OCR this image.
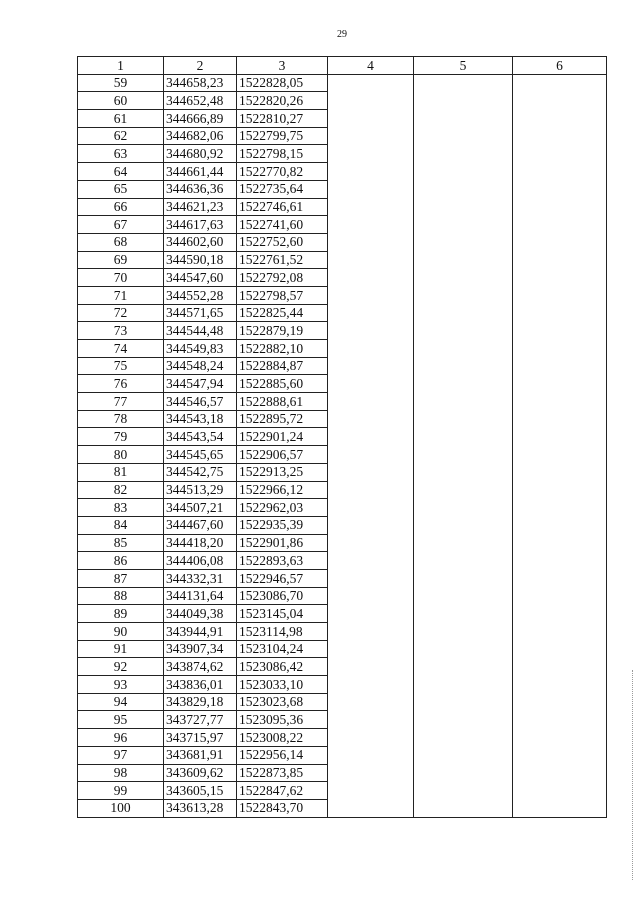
29
1	2	3	4	5	6
59	344658,23	1522828,05			
60	344652,48	1522820,26			
61	344666,89	1522810,27			
62	344682,06	1522799,75			
63	344680,92	1522798,15			
64	344661,44	1522770,82			
65	344636,36	1522735,64			
66	344621,23	1522746,61			
67	344617,63	1522741,60			
68	344602,60	1522752,60			
69	344590,18	1522761,52			
70	344547,60	1522792,08			
71	344552,28	1522798,57			
72	344571,65	1522825,44			
73	344544,48	1522879,19			
74	344549,83	1522882,10			
75	344548,24	1522884,87			
76	344547,94	1522885,60			
77	344546,57	1522888,61			
78	344543,18	1522895,72			
79	344543,54	1522901,24			
80	344545,65	1522906,57			
81	344542,75	1522913,25			
82	344513,29	1522966,12			
83	344507,21	1522962,03			
84	344467,60	1522935,39			
85	344418,20	1522901,86			
86	344406,08	1522893,63			
87	344332,31	1522946,57			
88	344131,64	1523086,70			
89	344049,38	1523145,04			
90	343944,91	1523114,98			
91	343907,34	1523104,24			
92	343874,62	1523086,42			
93	343836,01	1523033,10			
94	343829,18	1523023,68			
95	343727,77	1523095,36			
96	343715,97	1523008,22			
97	343681,91	1522956,14			
98	343609,62	1522873,85			
99	343605,15	1522847,62			
100	343613,28	1522843,70			
